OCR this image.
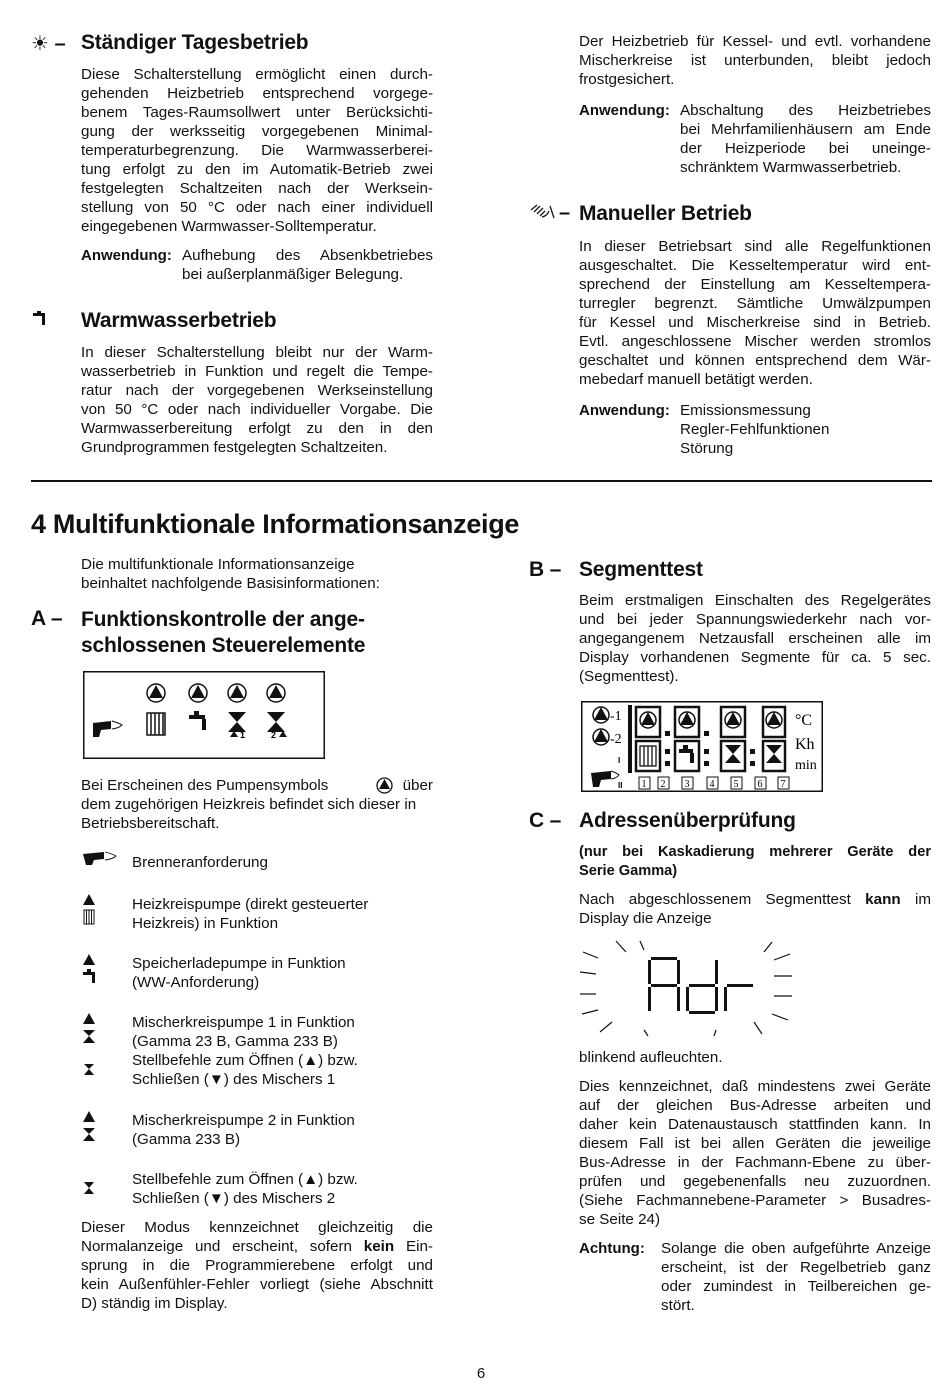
☀ – Ständiger Tagesbetrieb
Diese Schalterstellung ermöglicht einen durch-
gehenden Heizbetrieb entsprechend vorgege-
benem Tages-Raumsollwert unter Berücksichti-
gung der werksseitig vorgegebenen Minimal-
temperaturbegrenzung. Die Warmwasserberei-
tung erfolgt zu den im Automatik-Betrieb zwei
festgelegten Schaltzeiten nach der Werksein-
stellung von 50 °C oder nach einer individuell
eingegebenen Warmwasser-Solltemperatur.
Anwendung: Aufhebung des Absenkbetriebes
bei außerplanmäßiger Belegung.
Warmwasserbetrieb
In dieser Schalterstellung bleibt nur der Warm-
wasserbetrieb in Funktion und regelt die Tempe-
ratur nach der vorgegebenen Werkseinstellung
von 50 °C oder nach individueller Vorgabe. Die
Warmwasserbereitung erfolgt zu den in den
Grundprogrammen festgelegten Schaltzeiten.
Der Heizbetrieb für Kessel- und evtl. vorhandene
Mischerkreise ist unterbunden, bleibt jedoch
frostgesichert.
Anwendung: Abschaltung des Heizbetriebes
bei Mehrfamilienhäusern am Ende
der Heizperiode bei uneinge-
schränktem Warmwasserbetrieb.
– Manueller Betrieb
In dieser Betriebsart sind alle Regelfunktionen
ausgeschaltet. Die Kesseltemperatur wird ent-
sprechend der Einstellung am Kesseltempera-
turregler begrenzt. Sämtliche Umwälzpumpen
für Kessel und Mischerkreise sind in Betrieb.
Evtl. angeschlossene Mischer werden stromlos
geschaltet und können entsprechend dem Wär-
mebedarf manuell betätigt werden.
Anwendung: Emissionsmessung
Regler-Fehlfunktionen
Störung
4 Multifunktionale Informationsanzeige
Die multifunktionale Informationsanzeige
beinhaltet nachfolgende Basisinformationen:
A – Funktionskontrolle der ange-
schlossenen Steuerelemente
1	2
Bei Erscheinen des Pumpensymbols	über
dem zugehörigen Heizkreis befindet sich dieser in
Betriebsbereitschaft.
Brenneranforderung
Heizkreispumpe (direkt gesteuerter
Heizkreis) in Funktion
Speicherladepumpe in Funktion
(WW-Anforderung)
Mischerkreispumpe 1 in Funktion
(Gamma 23 B, Gamma 233 B)
Stellbefehle zum Öffnen (▲) bzw.
Schließen (▼) des Mischers 1
Mischerkreispumpe 2 in Funktion
(Gamma 233 B)
Stellbefehle zum Öffnen (▲) bzw.
Schließen (▼) des Mischers 2
Dieser Modus kennzeichnet gleichzeitig die
Normalanzeige und erscheint, sofern kein Ein-
sprung in die Programmierebene erfolgt und
kein Außenfühler-Fehler vorliegt (siehe Abschnitt
D) ständig im Display.
B – Segmenttest
Beim erstmaligen Einschalten des Regelgerätes
und bei jeder Spannungswiederkehr nach vor-
angegangenem Netzausfall erscheinen alle im
Display vorhandenen Segmente für ca. 5 sec.
(Segmenttest).
-1
-2
I
II
°C
Kh
min
1 2 3 4 5 6 7
C – Adressenüberprüfung
(nur bei Kaskadierung mehrerer Geräte der
Serie Gamma)
Nach abgeschlossenem Segmenttest kann im
Display die Anzeige
Adr
blinkend aufleuchten.
Dies kennzeichnet, daß mindestens zwei Geräte
auf der gleichen Bus-Adresse arbeiten und
daher kein Datenaustausch stattfinden kann. In
diesem Fall ist bei allen Geräten die jeweilige
Bus-Adresse in der Fachmann-Ebene zu über-
prüfen und gegebenenfalls neu zuzuordnen.
(Siehe Fachmannebene-Parameter > Busadres-
se Seite 24)
Achtung: Solange die oben aufgeführte Anzeige
erscheint, ist der Regelbetrieb ganz
oder zumindest in Teilbereichen ge-
stört.
6
